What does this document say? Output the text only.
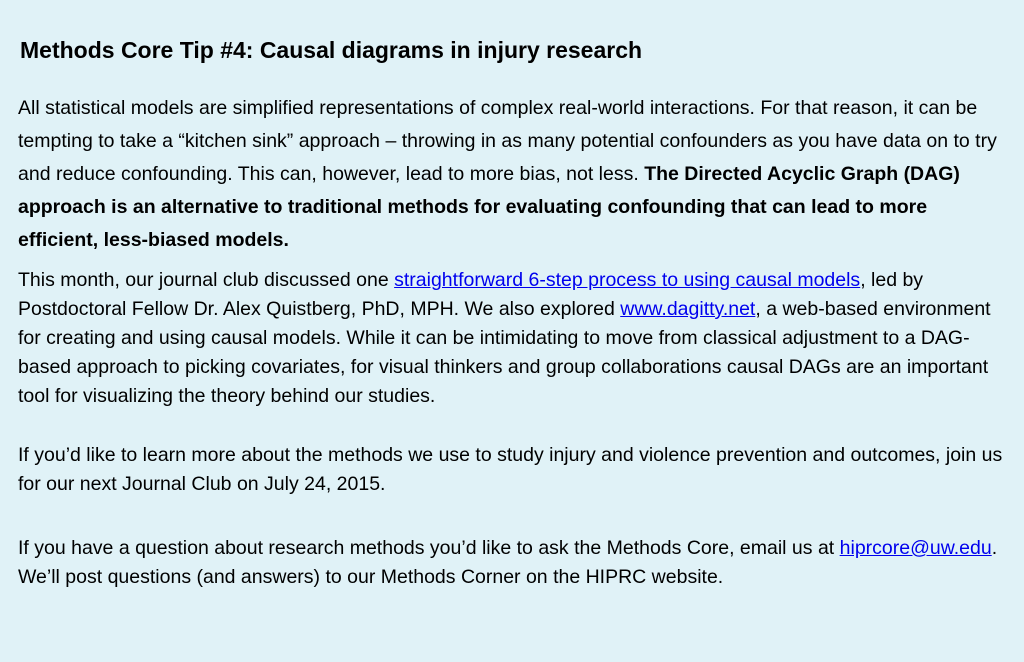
Methods Core Tip #4: Causal diagrams in injury research

All statistical models are simplified representations of complex real-world interactions. For that reason, it can be tempting to take a “kitchen sink” approach – throwing in as many potential confounders as you have data on to try and reduce confounding. This can, however, lead to more bias, not less. The Directed Acyclic Graph (DAG) approach is an alternative to traditional methods for evaluating confounding that can lead to more efficient, less-biased models.

This month, our journal club discussed one straightforward 6-step process to using causal models, led by Postdoctoral Fellow Dr. Alex Quistberg, PhD, MPH. We also explored www.dagitty.net, a web-based environment for creating and using causal models. While it can be intimidating to move from classical adjustment to a DAG-based approach to picking covariates, for visual thinkers and group collaborations causal DAGs are an important tool for visualizing the theory behind our studies.

If you’d like to learn more about the methods we use to study injury and violence prevention and outcomes, join us for our next Journal Club on July 24, 2015.

If you have a question about research methods you’d like to ask the Methods Core, email us at hiprcore@uw.edu. We’ll post questions (and answers) to our Methods Corner on the HIPRC website.
